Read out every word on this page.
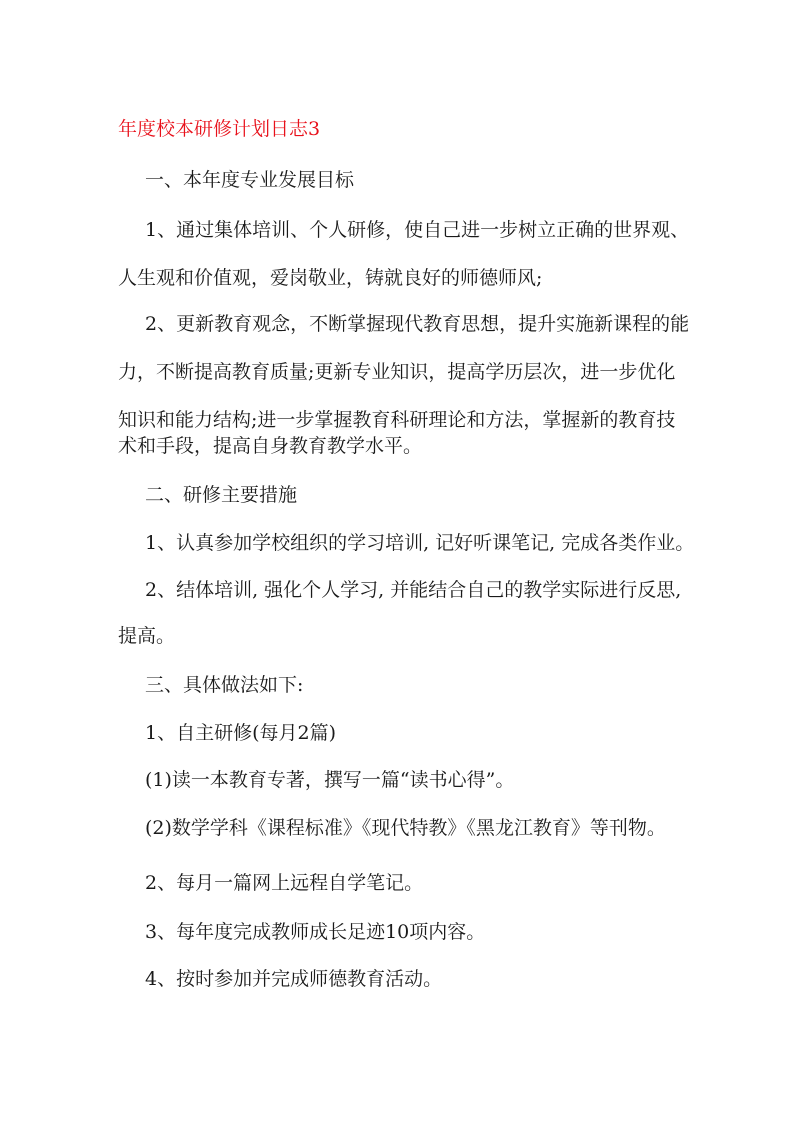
年度校本研修计划日志3
一、本年度专业发展目标
1、通过集体培训、个人研修，使自己进一步树立正确的世界观、
人生观和价值观，爱岗敬业，铸就良好的师德师风;
2、更新教育观念，不断掌握现代教育思想，提升实施新课程的能
力，不断提高教育质量;更新专业知识，提高学历层次，进一步优化
知识和能力结构;进一步掌握教育科研理论和方法，掌握新的教育技
术和手段，提高自身教育教学水平。
二、研修主要措施
1、认真参加学校组织的学习培训, 记好听课笔记, 完成各类作业。
2、结体培训, 强化个人学习, 并能结合自己的教学实际进行反思,
提高。
三、具体做法如下:
1、自主研修(每月2篇)
(1)读一本教育专著，撰写一篇“读书心得”。
(2)数学学科《课程标准》《现代特教》《黑龙江教育》等刊物。
2、每月一篇网上远程自学笔记。
3、每年度完成教师成长足迹10项内容。
4、按时参加并完成师德教育活动。
